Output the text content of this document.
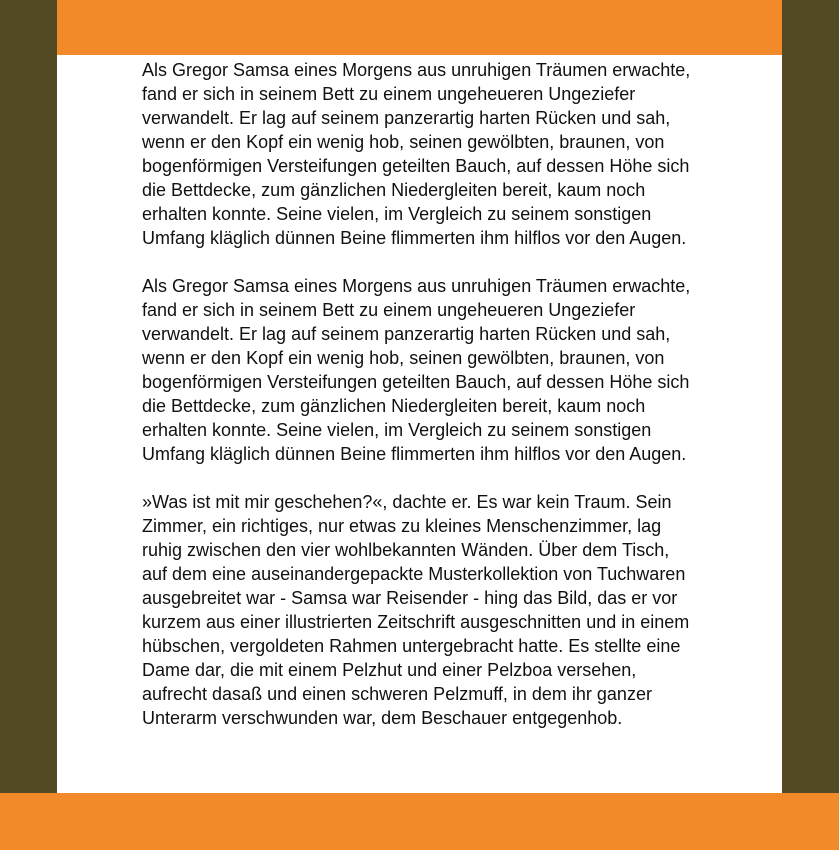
Als Gregor Samsa eines Morgens aus unruhigen Träumen erwachte,
fand er sich in seinem Bett zu einem ungeheueren Ungeziefer
verwandelt. Er lag auf seinem panzerartig harten Rücken und sah,
wenn er den Kopf ein wenig hob, seinen gewölbten, braunen, von
bogenförmigen Versteifungen geteilten Bauch, auf dessen Höhe sich
die Bettdecke, zum gänzlichen Niedergleiten bereit, kaum noch
erhalten konnte. Seine vielen, im Vergleich zu seinem sonstigen
Umfang kläglich dünnen Beine flimmerten ihm hilflos vor den Augen.

Als Gregor Samsa eines Morgens aus unruhigen Träumen erwachte,
fand er sich in seinem Bett zu einem ungeheueren Ungeziefer
verwandelt. Er lag auf seinem panzerartig harten Rücken und sah,
wenn er den Kopf ein wenig hob, seinen gewölbten, braunen, von
bogenförmigen Versteifungen geteilten Bauch, auf dessen Höhe sich
die Bettdecke, zum gänzlichen Niedergleiten bereit, kaum noch
erhalten konnte. Seine vielen, im Vergleich zu seinem sonstigen
Umfang kläglich dünnen Beine flimmerten ihm hilflos vor den Augen.

»Was ist mit mir geschehen?«, dachte er. Es war kein Traum. Sein
Zimmer, ein richtiges, nur etwas zu kleines Menschenzimmer, lag
ruhig zwischen den vier wohlbekannten Wänden. Über dem Tisch,
auf dem eine auseinandergepackte Musterkollektion von Tuchwaren
ausgebreitet war - Samsa war Reisender - hing das Bild, das er vor
kurzem aus einer illustrierten Zeitschrift ausgeschnitten und in einem
hübschen, vergoldeten Rahmen untergebracht hatte. Es stellte eine
Dame dar, die mit einem Pelzhut und einer Pelzboa versehen,
aufrecht dasaß und einen schweren Pelzmuff, in dem ihr ganzer
Unterarm verschwunden war, dem Beschauer entgegenhob.
